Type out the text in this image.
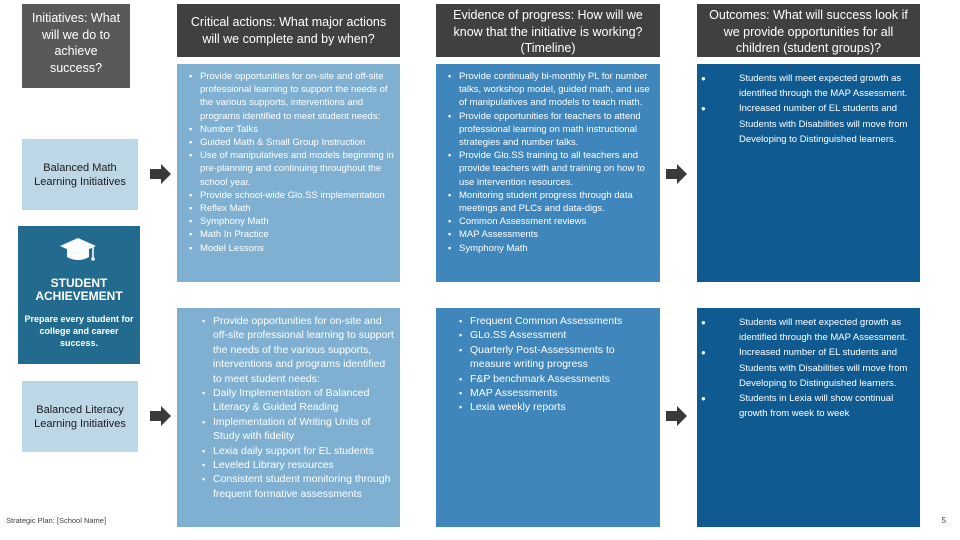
Initiatives: What will we do to achieve success?
Balanced Math Learning Initiatives
STUDENT
ACHIEVEMENT
Prepare every student for college and career success.
Balanced Literacy Learning Initiatives
Strategic Plan: [School Name]
Critical actions: What major actions will we complete and by when?
Evidence of progress: How will we know that the initiative is working? (Timeline)
Outcomes: What will success look if we provide opportunities for all children (student groups)?
▪ Provide opportunities for on-site and off-site professional learning to support the needs of the various supports, interventions and programs identified to meet student needs:
▪ Number Talks
▪ Guided Math & Small Group Instruction
▪ Use of manipulatives and models beginning in pre-planning and continuing throughout the school year.
▪ Provide school-wide Glo.SS implementation
▪ Reflex Math
▪ Symphony Math
▪ Math In Practice
▪ Model Lessons
▪ Provide continually bi-monthly PL for number talks, workshop model, guided math, and use of manipulatives and models to teach math.
▪ Provide opportunities for teachers to attend professional learning on math instructional strategies and number talks.
▪ Provide Glo.SS training to all teachers and provide teachers with and training on how to use intervention resources.
▪ Monitoring student progress through data meetings and PLCs and data-digs.
▪ Common Assessment reviews
▪ MAP Assessments
▪ Symphony Math
● Students will meet expected growth as identified through the MAP Assessment.
● Increased number of EL students and Students with Disabilities will move from Developing to Distinguished learners.
▪ Provide opportunities for on-site and off-site professional learning to support the needs of the various supports, interventions and programs identified to meet student needs:
▪ Daily Implementation of Balanced Literacy & Guided Reading
▪ Implementation of Writing Units of Study with fidelity
▪ Lexia daily support for EL students
▪ Leveled Library resources
▪ Consistent student monitoring through frequent formative assessments
▪ Frequent Common Assessments
▪ GLo.SS Assessment
▪ Quarterly Post-Assessments to measure writing progress
▪ F&P benchmark Assessments
▪ MAP Assessments
▪ Lexia weekly reports
● Students will meet expected growth as identified through the MAP Assessment.
● Increased number of EL students and Students with Disabilities will move from Developing to Distinguished learners.
● Students in Lexia will show continual growth from week to week
5
